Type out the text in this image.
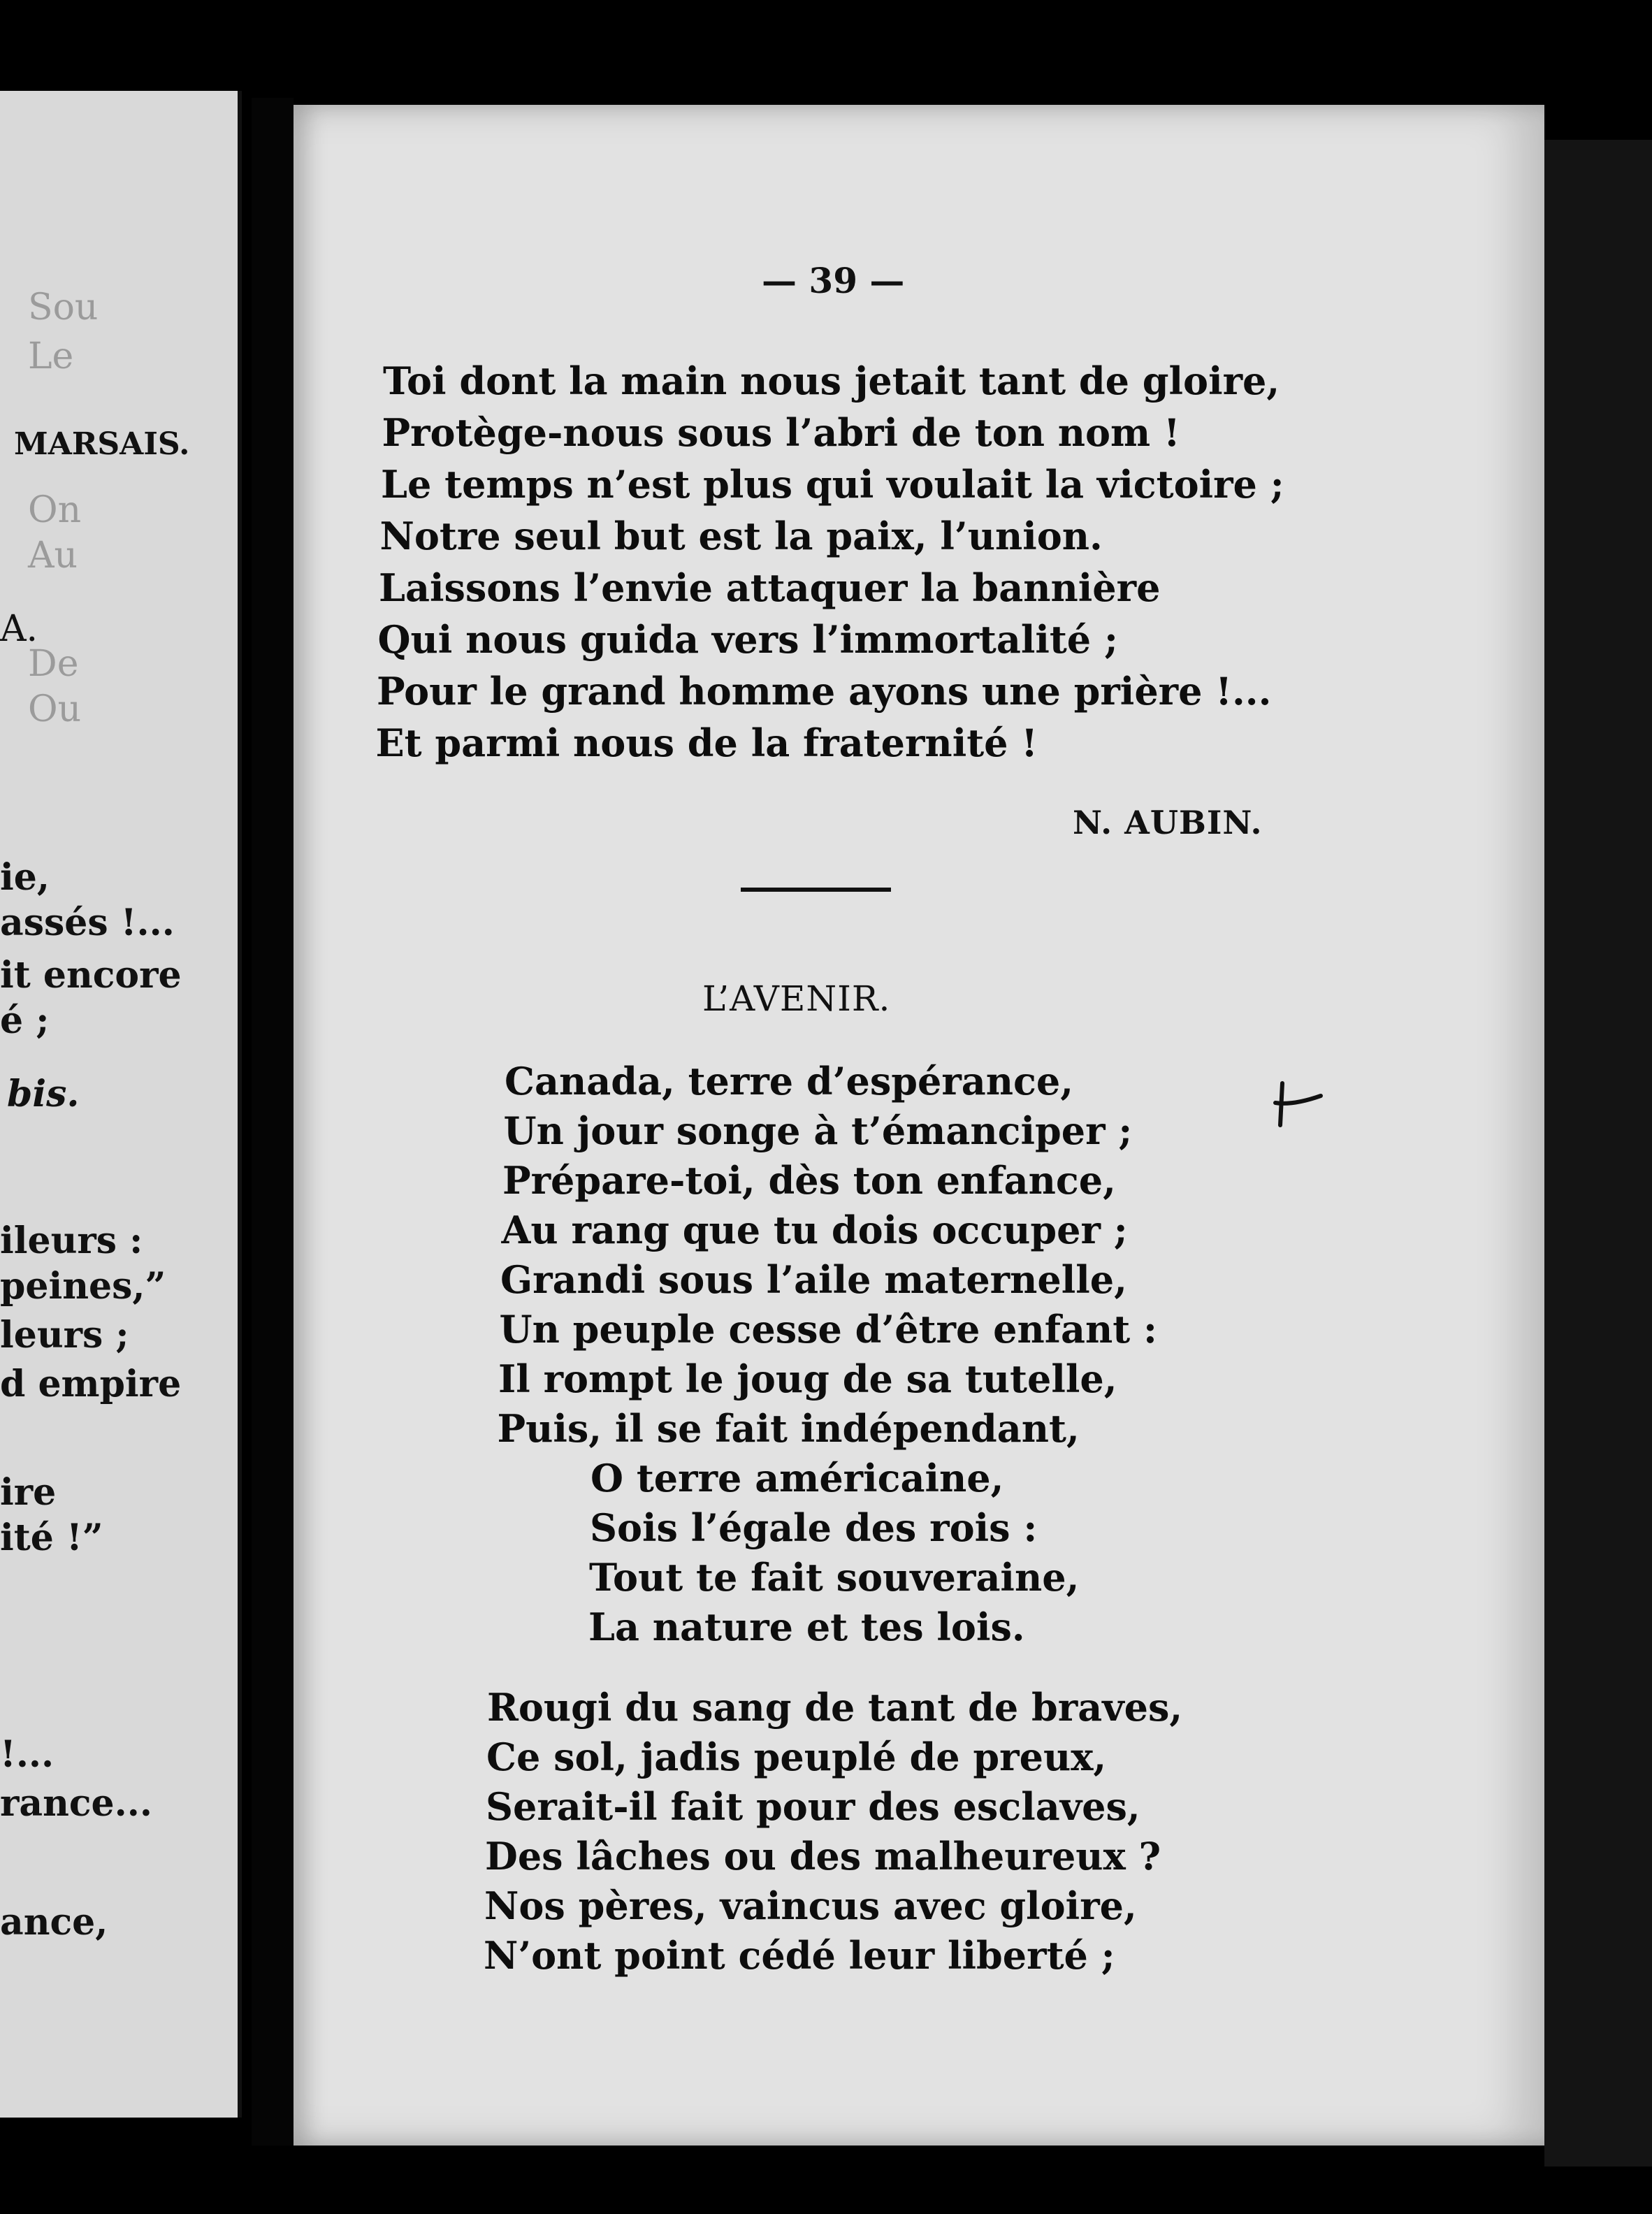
Sou
Le
MARSAIS.
On
Au
A.
De
Ou
ie,
assés !...
it encore
é ;
bis.
ileurs :
peines,”
leurs ;
d empire
ire
ité !”
!...
rance...
ance,

— 39 —
Toi dont la main nous jetait tant de gloire,
Protège-nous sous l’abri de ton nom !
Le temps n’est plus qui voulait la victoire ;
Notre seul but est la paix, l’union.
Laissons l’envie attaquer la bannière
Qui nous guida vers l’immortalité ;
Pour le grand homme ayons une prière !...
Et parmi nous de la fraternité !
N. AUBIN.
L’AVENIR.
Canada, terre d’espérance,
Un jour songe à t’émanciper ;
Prépare-toi, dès ton enfance,
Au rang que tu dois occuper ;
Grandi sous l’aile maternelle,
Un peuple cesse d’être enfant :
Il rompt le joug de sa tutelle,
Puis, il se fait indépendant,
O terre américaine,
Sois l’égale des rois :
Tout te fait souveraine,
La nature et tes lois.
Rougi du sang de tant de braves,
Ce sol, jadis peuplé de preux,
Serait-il fait pour des esclaves,
Des lâches ou des malheureux ?
Nos pères, vaincus avec gloire,
N’ont point cédé leur liberté ;
